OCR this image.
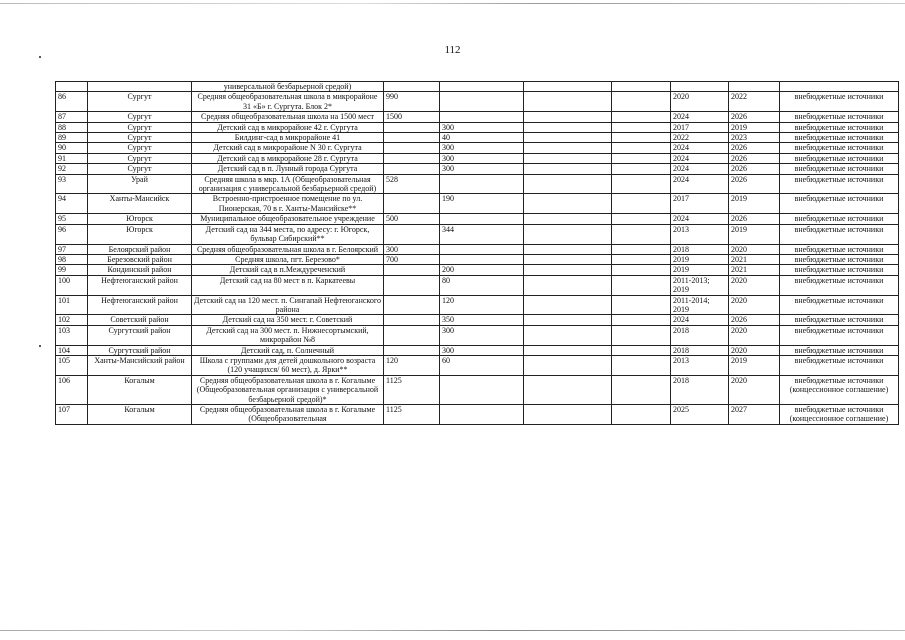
112
		универсальной безбарьерной средой)							
86	Сургут	Средняя общеобразовательная школа в микрорайоне 31 «Б» г. Сургута. Блок 2*	990				2020	2022	внебюджетные источники
87	Сургут	Средняя общеобразовательная школа на 1500 мест	1500				2024	2026	внебюджетные источники
88	Сургут	Детский сад в микрорайоне 42 г. Сургута		300			2017	2019	внебюджетные источники
89	Сургут	Билдинг-сад в микрорайоне 41		40			2022	2023	внебюджетные источники
90	Сургут	Детский сад в микрорайоне N 30 г. Сургута		300			2024	2026	внебюджетные источники
91	Сургут	Детский сад в микрорайоне 28 г. Сургута		300			2024	2026	внебюджетные источники
92	Сургут	Детский сад в п. Лунный города Сургута		300			2024	2026	внебюджетные источники
93	Урай	Средняя школа в мкр. 1А (Общеобразовательная организация с универсальной безбарьерной средой)	528				2024	2026	внебюджетные источники
94	Ханты-Мансийск	Встроенно-пристроенное помещение по ул. Пионерская, 70 в г. Ханты-Мансийске**		190			2017	2019	внебюджетные источники
95	Югорск	Муниципальное общеобразовательное учреждение	500				2024	2026	внебюджетные источники
96	Югорск	Детский сад на 344 места, по адресу: г. Югорск, бульвар Сибирский**		344			2013	2019	внебюджетные источники
97	Белоярский район	Средняя общеобразовательная школа в г. Белоярский	300				2018	2020	внебюджетные источники
98	Березовский район	Средняя школа, пгт. Березово*	700				2019	2021	внебюджетные источники
99	Кондинский район	Детский сад в п.Междуреченский		200			2019	2021	внебюджетные источники
100	Нефтеюганский район	Детский сад на 80 мест в п. Каркатеевы		80			2011-2013; 2019	2020	внебюджетные источники
101	Нефтеюганский район	Детский сад на 120 мест. п. Сингапай Нефтеюганского района		120			2011-2014; 2019	2020	внебюджетные источники
102	Советский район	Детский сад на 350 мест. г. Советский		350			2024	2026	внебюджетные источники
103	Сургутский район	Детский сад на 300 мест. п. Нижнесортымский, микрорайон №8		300			2018	2020	внебюджетные источники
104	Сургутский район	Детский сад, п. Солнечный		300			2018	2020	внебюджетные источники
105	Ханты-Мансийский район	Школа с группами для детей дошкольного возраста (120 учащихся/ 60 мест), д. Ярки**	120	60			2013	2019	внебюджетные источники
106	Когалым	Средняя общеобразовательная школа в г. Когалыме (Общеобразовательная организация с универсальной безбарьерной средой)*	1125				2018	2020	внебюджетные источники (концессионное соглашение)
107	Когалым	Средняя общеобразовательная школа в г. Когалыме (Общеобразовательная	1125				2025	2027	внебюджетные источники (концессионное соглашение)
